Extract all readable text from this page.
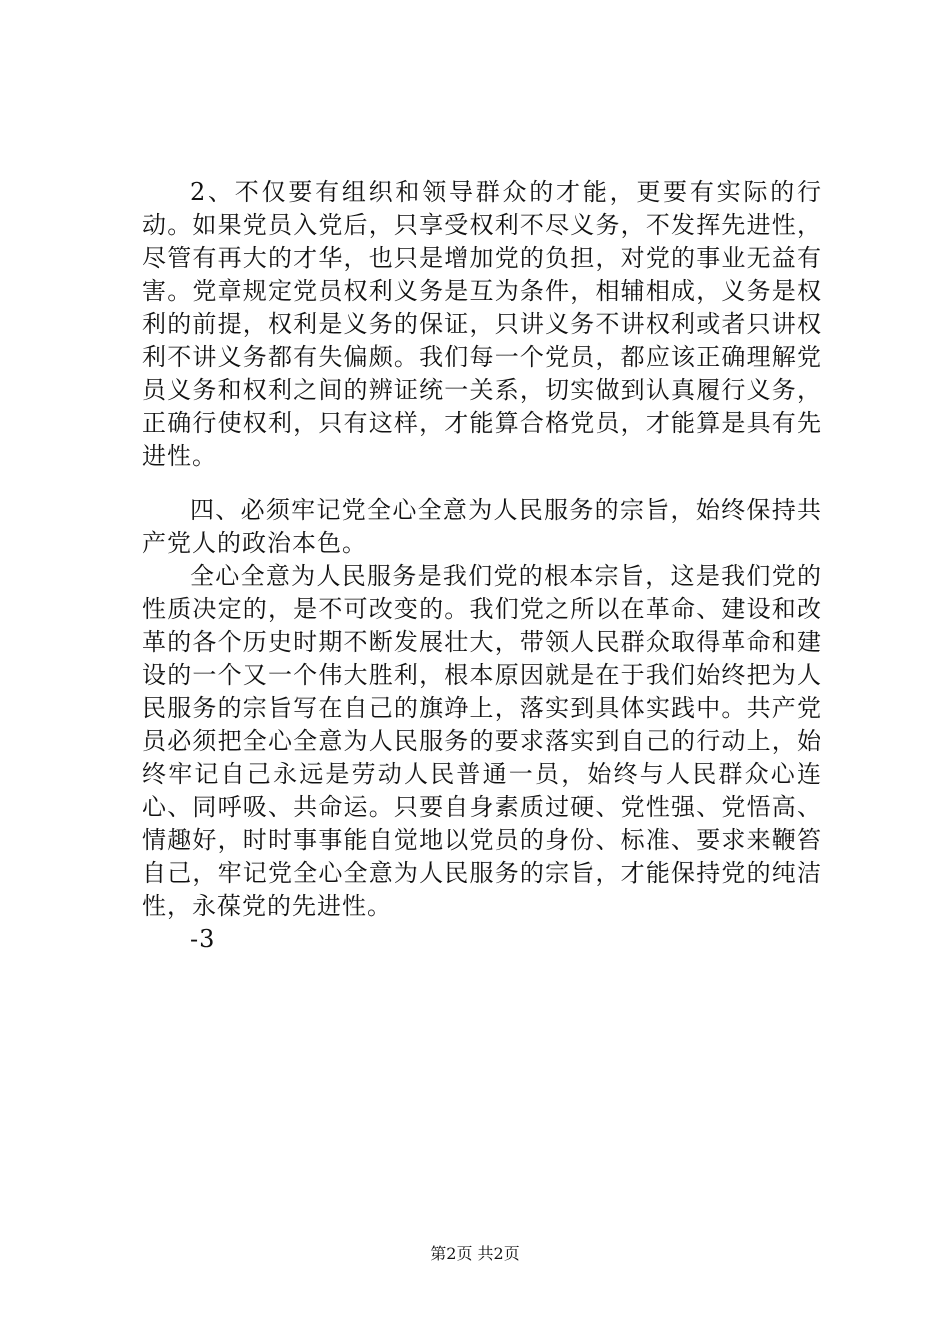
2、不仅要有组织和领导群众的才能，更要有实际的行动。如果党员入党后，只享受权利不尽义务，不发挥先进性，尽管有再大的才华，也只是增加党的负担，对党的事业无益有害。党章规定党员权利义务是互为条件，相辅相成，义务是权利的前提，权利是义务的保证，只讲义务不讲权利或者只讲权利不讲义务都有失偏颇。我们每一个党员，都应该正确理解党员义务和权利之间的辨证统一关系，切实做到认真履行义务，正确行使权利，只有这样，才能算合格党员，才能算是具有先进性。

四、必须牢记党全心全意为人民服务的宗旨，始终保持共产党人的政治本色。

全心全意为人民服务是我们党的根本宗旨，这是我们党的性质决定的，是不可改变的。我们党之所以在革命、建设和改革的各个历史时期不断发展壮大，带领人民群众取得革命和建设的一个又一个伟大胜利，根本原因就是在于我们始终把为人民服务的宗旨写在自己的旗竫上，落实到具体实践中。共产党员必须把全心全意为人民服务的要求落实到自己的行动上，始终牢记自己永远是劳动人民普通一员，始终与人民群众心连心、同呼吸、共命运。只要自身素质过硬、党性强、党悟高、情趣好，时时事事能自觉地以党员的身份、标准、要求来鞭笞自己，牢记党全心全意为人民服务的宗旨，才能保持党的纯洁性，永葆党的先进性。

-3

第2页 共2页
